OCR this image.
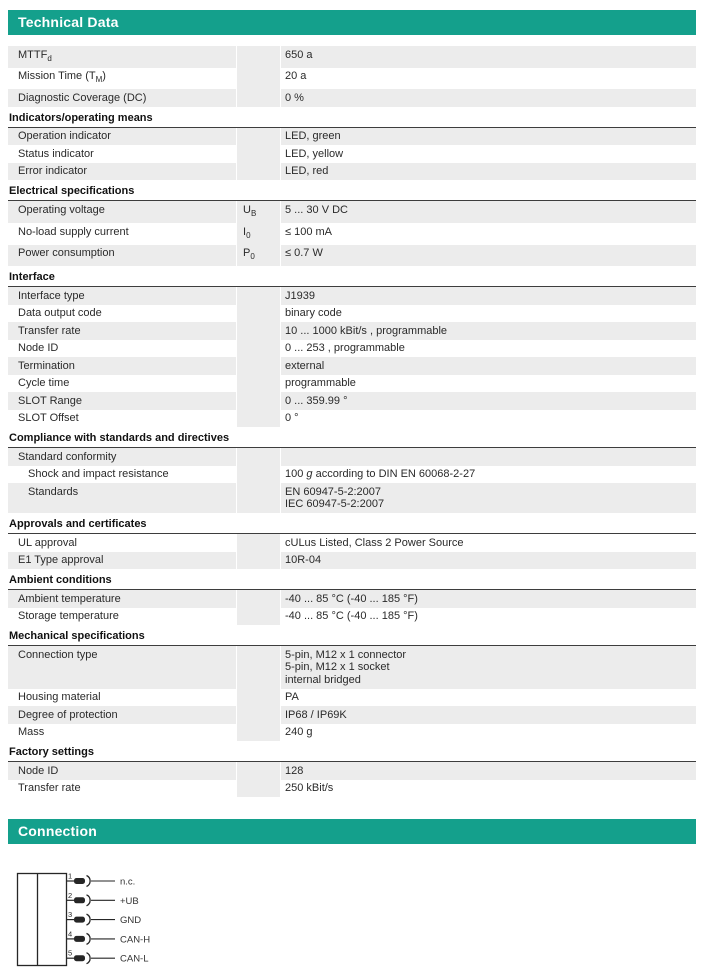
Technical Data
$MTTF_d$	650 a
Mission Time $(T_M)$	20 a
Diagnostic Coverage (DC)	0 %
Indicators/operating means
Operation indicator	LED, green
Status indicator	LED, yellow
Error indicator	LED, red
Electrical specifications
Operating voltage	$U_B$	5 ... 30 V DC
No-load supply current	$I_0$	≤ 100 mA
Power consumption	$P_0$	≤ 0.7 W
Interface
Interface type	J1939
Data output code	binary code
Transfer rate	10 ... 1000 kBit/s , programmable
Node ID	0 ... 253 , programmable
Termination	external
Cycle time	programmable
SLOT Range	0 ... 359.99 °
SLOT Offset	0 °
Compliance with standards and directives
Standard conformity
Shock and impact resistance	100 g according to DIN EN 60068-2-27
Standards	EN 60947-5-2:2007
IEC 60947-5-2:2007
Approvals and certificates
UL approval	cULus Listed, Class 2 Power Source
E1 Type approval	10R-04
Ambient conditions
Ambient temperature	-40 ... 85 °C (-40 ... 185 °F)
Storage temperature	-40 ... 85 °C (-40 ... 185 °F)
Mechanical specifications
Connection type	5-pin, M12 x 1 connector
5-pin, M12 x 1 socket
internal bridged
Housing material	PA
Degree of protection	IP68 / IP69K
Mass	240 g
Factory settings
Node ID	128
Transfer rate	250 kBit/s
Connection
1
n.c.
2
+UB
3
GND
4
CAN-H
5
CAN-L
